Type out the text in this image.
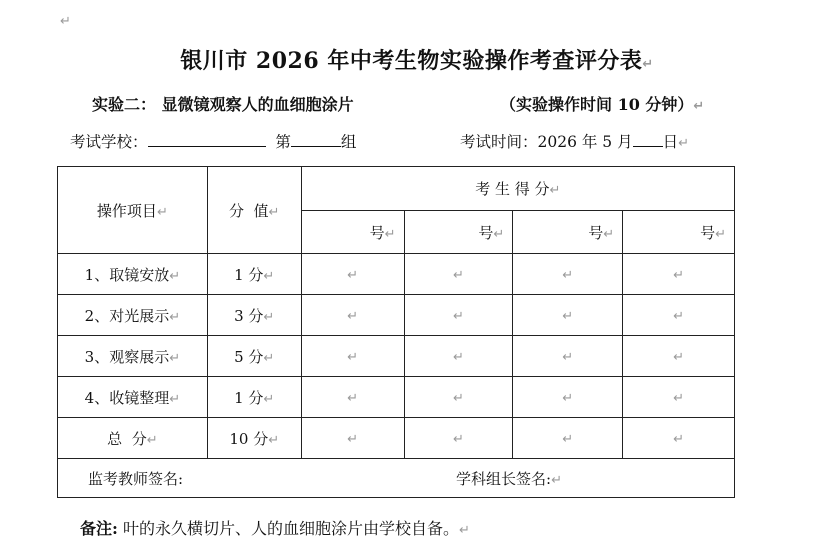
↵
银川市 2026 年中考生物实验操作考查评分表↵
实验二： 显微镜观察人的血细胞涂片	（实验操作时间 10 分钟）↵
考试学校：	第	组	考试时间：2026 年 5 月 日↵
操作项目↵	分  值↵	考 生 得 分↵			
		号↵	号↵	号↵	号↵
1、取镜安放↵	1 分↵	↵	↵	↵	↵
2、对光展示↵	3 分↵	↵	↵	↵	↵
3、观察展示↵	5 分↵	↵	↵	↵	↵
4、收镜整理↵	1 分↵	↵	↵	↵	↵
总  分↵	10 分↵	↵	↵	↵	↵
监考教师签名: 学科组长签名:↵					
备注: 叶的永久横切片、人的血细胞涂片由学校自备。↵
